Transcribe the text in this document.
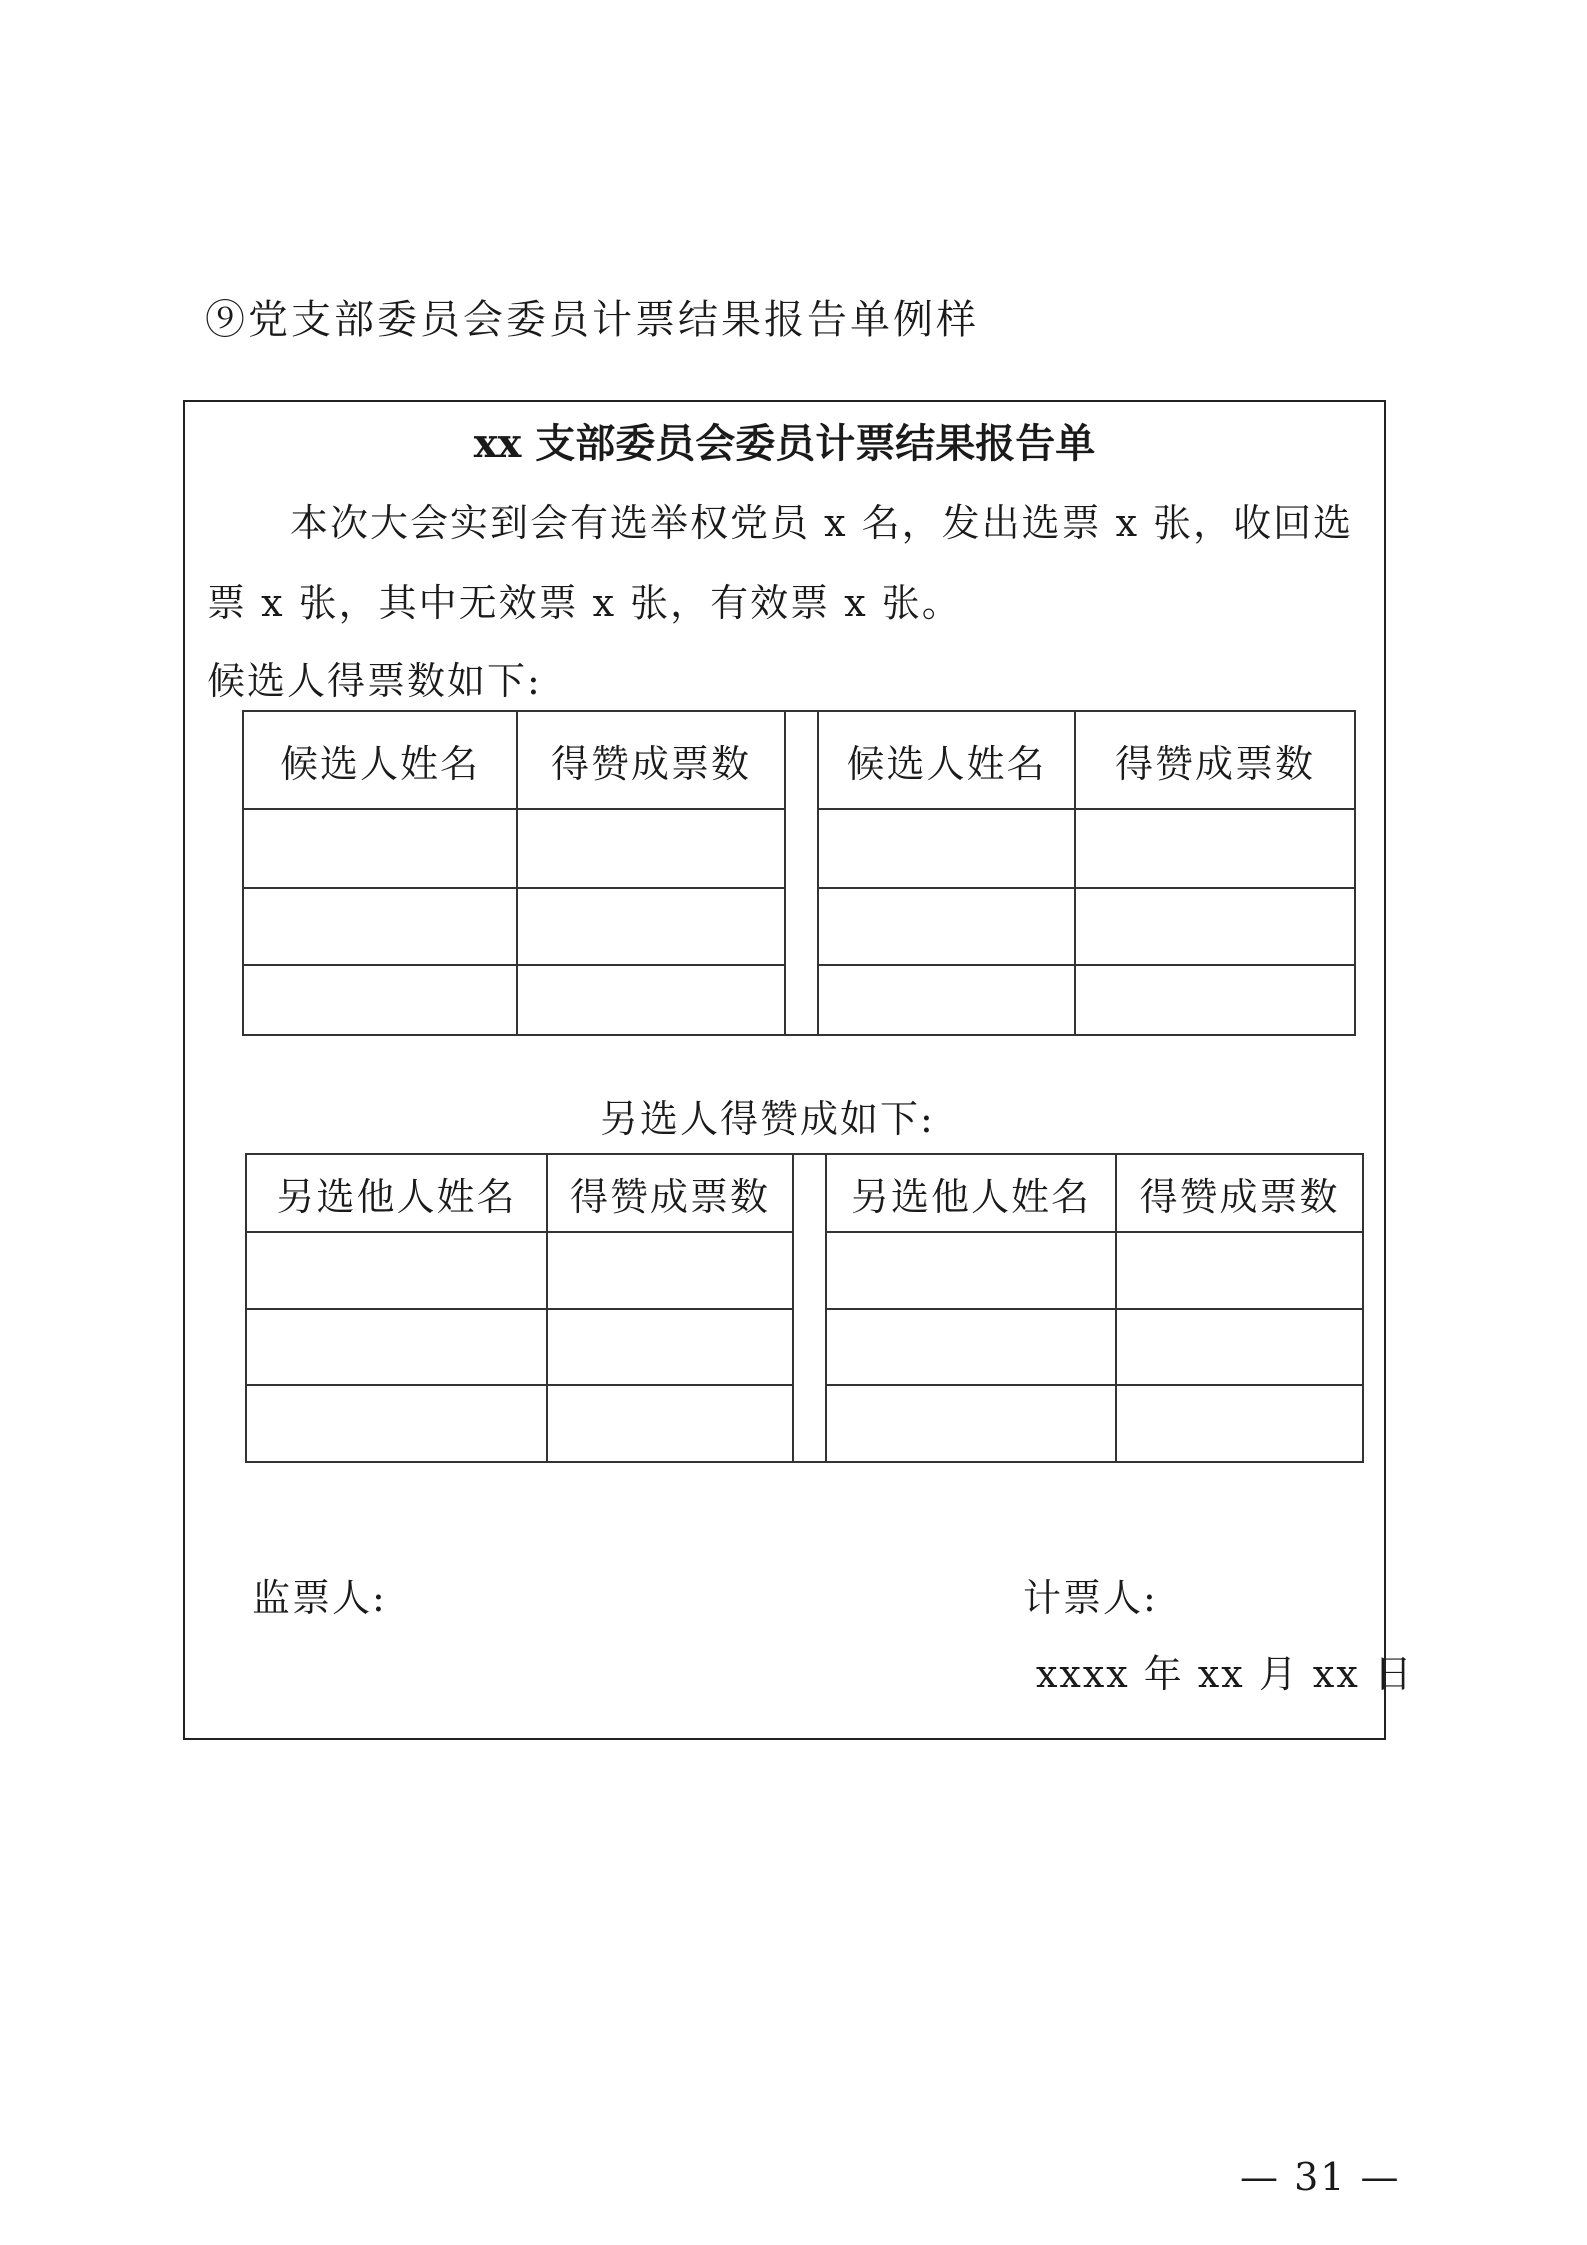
⑨党支部委员会委员计票结果报告单例样
xx 支部委员会委员计票结果报告单
本次大会实到会有选举权党员 x 名，发出选票 x 张，收回选
票 x 张，其中无效票 x 张，有效票 x 张。
候选人得票数如下:
候选人姓名	得赞成票数		候选人姓名	得赞成票数

另选人得赞成如下:
另选他人姓名	得赞成票数		另选他人姓名	得赞成票数

监票人:	计票人:
xxxx 年 xx 月 xx 日
— 31 —
